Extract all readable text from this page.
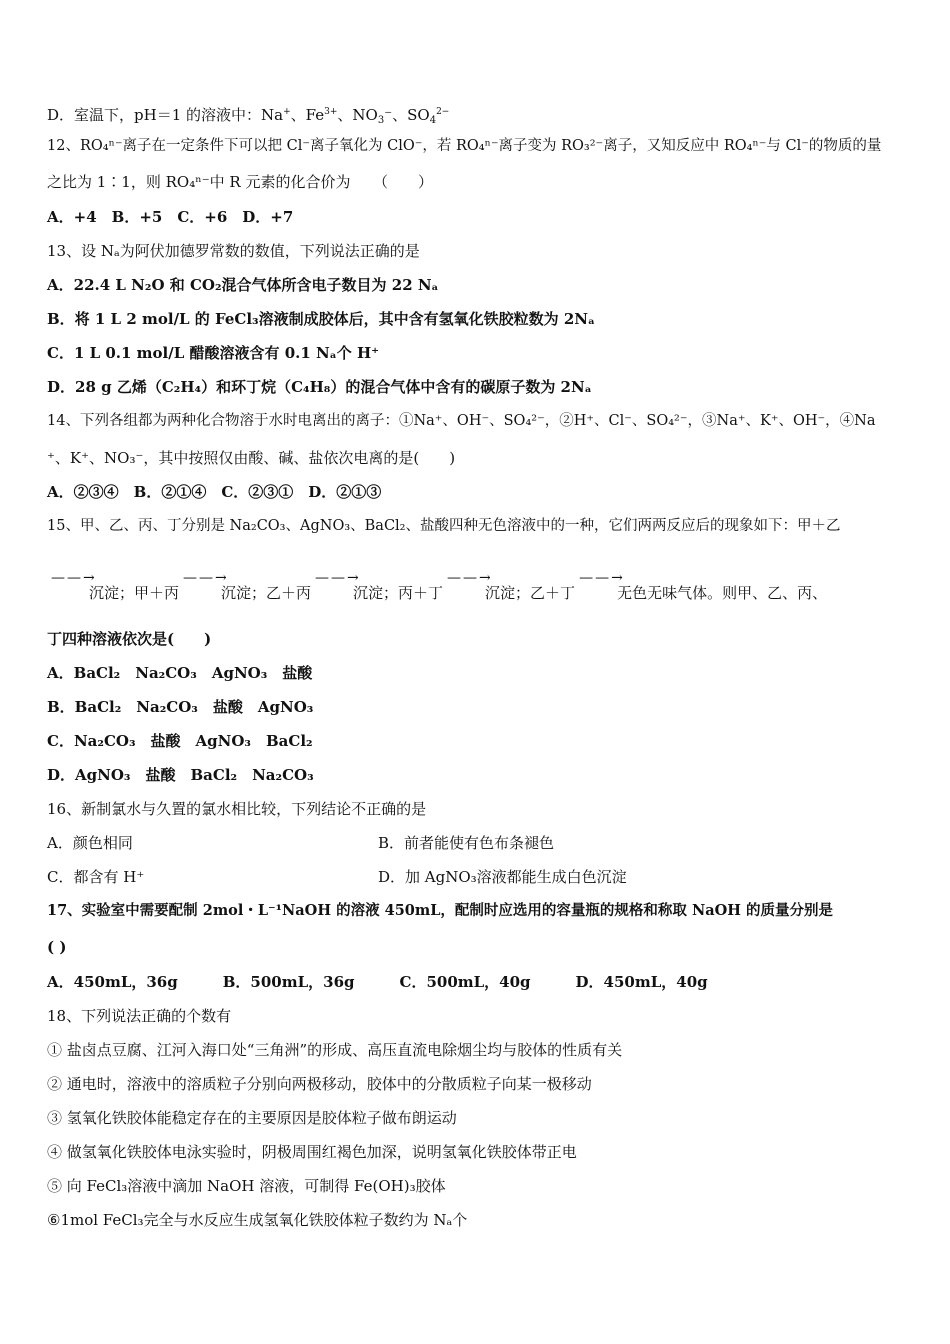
D．室温下，pH＝1 的溶液中：Na+、$Fe^{3+}$、$NO_3^-$、$SO_4^{2-}$
12、RO₄ⁿ⁻离子在一定条件下可以把 Cl⁻离子氧化为 ClO⁻，若 RO₄ⁿ⁻离子变为 RO₃²⁻离子，又知反应中 RO₄ⁿ⁻与 Cl⁻的物质的量
之比为 1∶1，则 RO₄ⁿ⁻中 R 元素的化合价为　　（　　）
A．+4　B．+5　C．+6　D．+7
13、设 Nₐ为阿伏加德罗常数的数值，下列说法正确的是
A．22.4 L N₂O 和 CO₂混合气体所含电子数目为 22 Nₐ
B．将 1 L 2 mol/L 的 FeCl₃溶液制成胶体后，其中含有氢氧化铁胶粒数为 2Nₐ
C．1 L 0.1 mol/L 醋酸溶液含有 0.1 Nₐ个 H⁺
D．28 g 乙烯（C₂H₄）和环丁烷（C₄H₈）的混合气体中含有的碳原子数为 2Nₐ
14、下列各组都为两种化合物溶于水时电离出的离子：①Na⁺、OH⁻、SO₄²⁻，②H⁺、Cl⁻、SO₄²⁻，③Na⁺、K⁺、OH⁻，④Na
⁺、K⁺、NO₃⁻，其中按照仅由酸、碱、盐依次电离的是(　　)
A．②③④　B．②①④　C．②③①　D．②①③
15、甲、乙、丙、丁分别是 Na₂CO₃、AgNO₃、BaCl₂、盐酸四种无色溶液中的一种，它们两两反应后的现象如下：甲＋乙
——→
沉淀；甲＋丙
——→
沉淀；乙＋丙
——→
沉淀；丙＋丁
——→
沉淀；乙＋丁
——→
无色无味气体。则甲、乙、丙、
丁四种溶液依次是(　　)
A．BaCl₂　Na₂CO₃　AgNO₃　盐酸
B．BaCl₂　Na₂CO₃　盐酸　AgNO₃
C．Na₂CO₃　盐酸　AgNO₃　BaCl₂
D．AgNO₃　盐酸　BaCl₂　Na₂CO₃
16、新制氯水与久置的氯水相比较，下列结论不正确的是
A．颜色相同	B．前者能使有色布条褪色
C．都含有 H⁺	D．加 AgNO₃溶液都能生成白色沉淀
17、实验室中需要配制 2mol・L⁻¹NaOH 的溶液 450mL，配制时应选用的容量瓶的规格和称取 NaOH 的质量分别是
( )
A．450mL，36g　　　B．500mL，36g　　　C．500mL，40g　　　D．450mL，40g
18、下列说法正确的个数有
① 盐卤点豆腐、江河入海口处“三角洲”的形成、高压直流电除烟尘均与胶体的性质有关
② 通电时，溶液中的溶质粒子分别向两极移动，胶体中的分散质粒子向某一极移动
③ 氢氧化铁胶体能稳定存在的主要原因是胶体粒子做布朗运动
④ 做氢氧化铁胶体电泳实验时，阴极周围红褐色加深，说明氢氧化铁胶体带正电
⑤ 向 FeCl₃溶液中滴加 NaOH 溶液，可制得 Fe(OH)₃胶体
⑥1mol FeCl₃完全与水反应生成氢氧化铁胶体粒子数约为 Nₐ个
